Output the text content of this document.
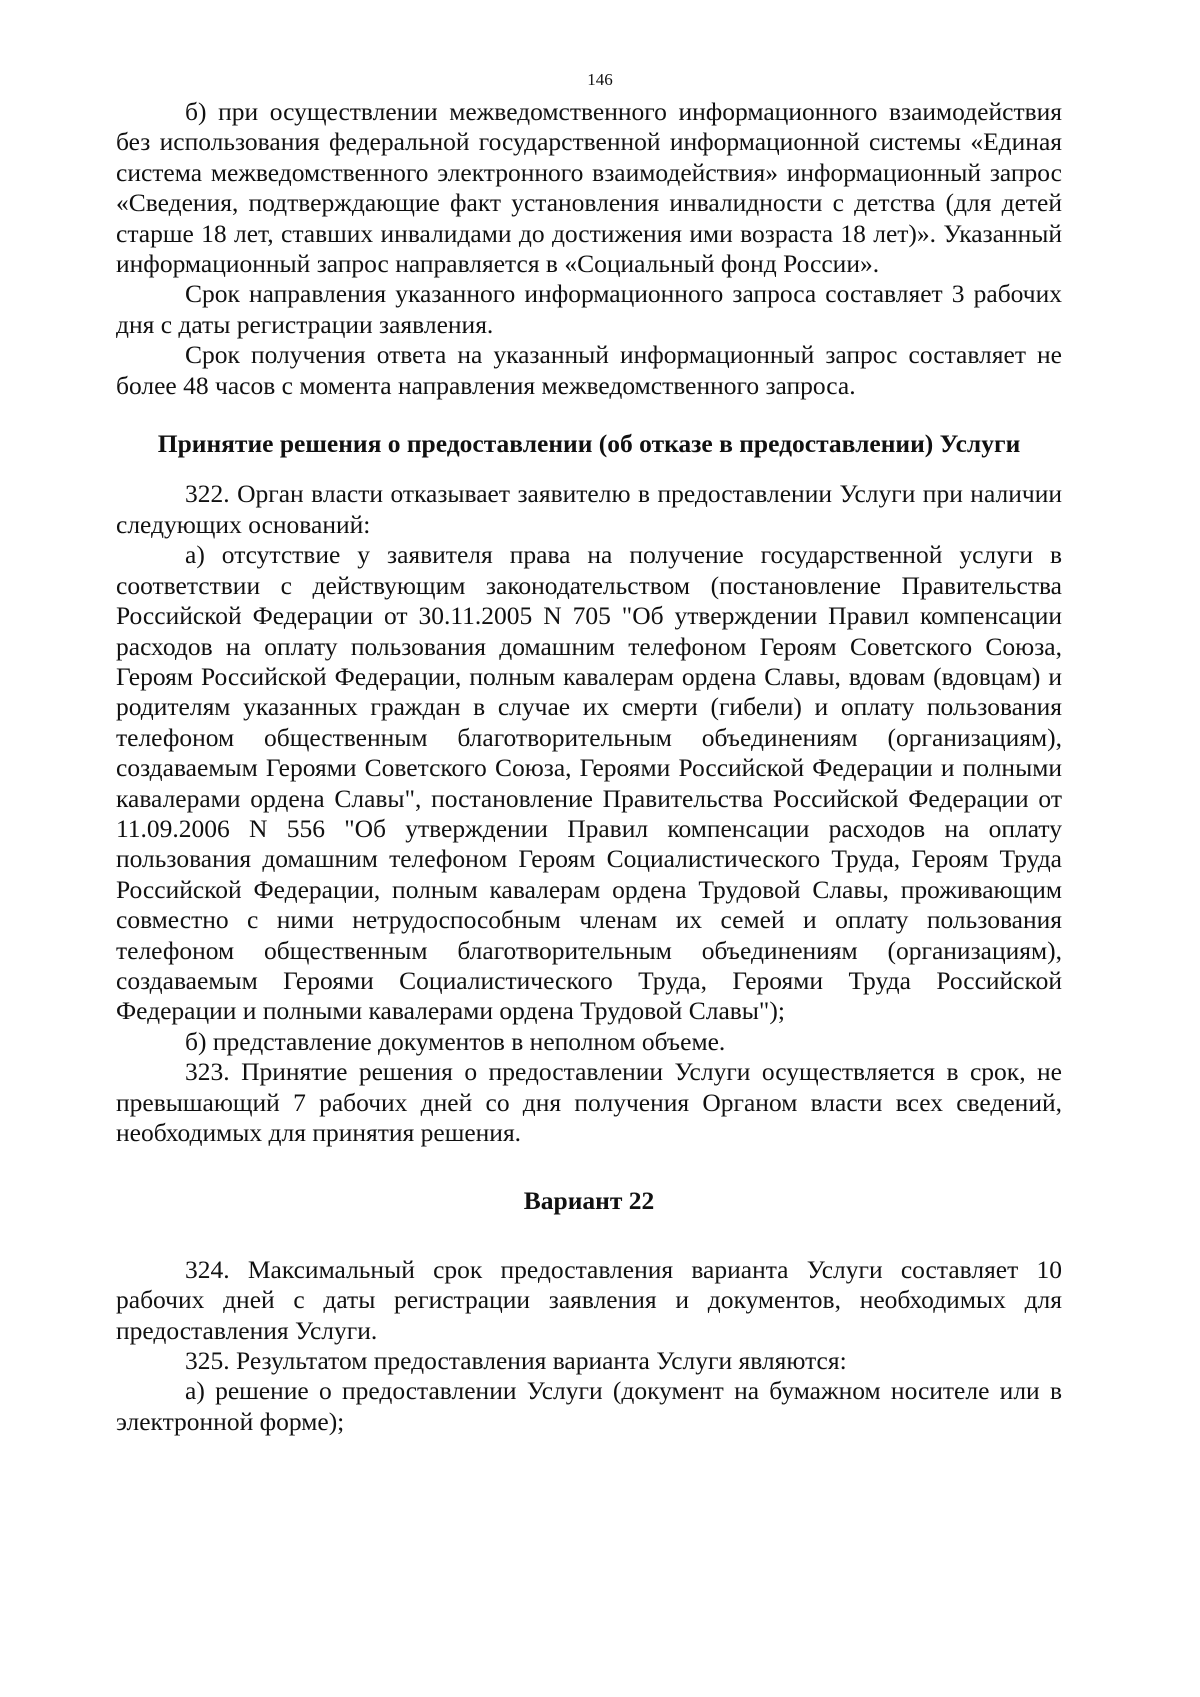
146

б) при осуществлении межведомственного информационного взаимодействия без использования федеральной государственной информационной системы «Единая система межведомственного электронного взаимодействия» информационный запрос «Сведения, подтверждающие факт установления инвалидности с детства (для детей старше 18 лет, ставших инвалидами до достижения ими возраста 18 лет)». Указанный информационный запрос направляется в «Социальный фонд России».

Срок направления указанного информационного запроса составляет 3 рабочих дня с даты регистрации заявления.

Срок получения ответа на указанный информационный запрос составляет не более 48 часов с момента направления межведомственного запроса.

Принятие решения о предоставлении (об отказе в предоставлении) Услуги

322. Орган власти отказывает заявителю в предоставлении Услуги при наличии следующих оснований:

а) отсутствие у заявителя права на получение государственной услуги в соответствии с действующим законодательством (постановление Правительства Российской Федерации от 30.11.2005 N 705 "Об утверждении Правил компенсации расходов на оплату пользования домашним телефоном Героям Советского Союза, Героям Российской Федерации, полным кавалерам ордена Славы, вдовам (вдовцам) и родителям указанных граждан в случае их смерти (гибели) и оплату пользования телефоном общественным благотворительным объединениям (организациям), создаваемым Героями Советского Союза, Героями Российской Федерации и полными кавалерами ордена Славы", постановление Правительства Российской Федерации от 11.09.2006 N 556 "Об утверждении Правил компенсации расходов на оплату пользования домашним телефоном Героям Социалистического Труда, Героям Труда Российской Федерации, полным кавалерам ордена Трудовой Славы, проживающим совместно с ними нетрудоспособным членам их семей и оплату пользования телефоном общественным благотворительным объединениям (организациям), создаваемым Героями Социалистического Труда, Героями Труда Российской Федерации и полными кавалерами ордена Трудовой Славы");

б) представление документов в неполном объеме.

323. Принятие решения о предоставлении Услуги осуществляется в срок, не превышающий 7 рабочих дней со дня получения Органом власти всех сведений, необходимых для принятия решения.

Вариант 22

324. Максимальный срок предоставления варианта Услуги составляет 10 рабочих дней с даты регистрации заявления и документов, необходимых для предоставления Услуги.

325. Результатом предоставления варианта Услуги являются:

а) решение о предоставлении Услуги (документ на бумажном носителе или в электронной форме);
